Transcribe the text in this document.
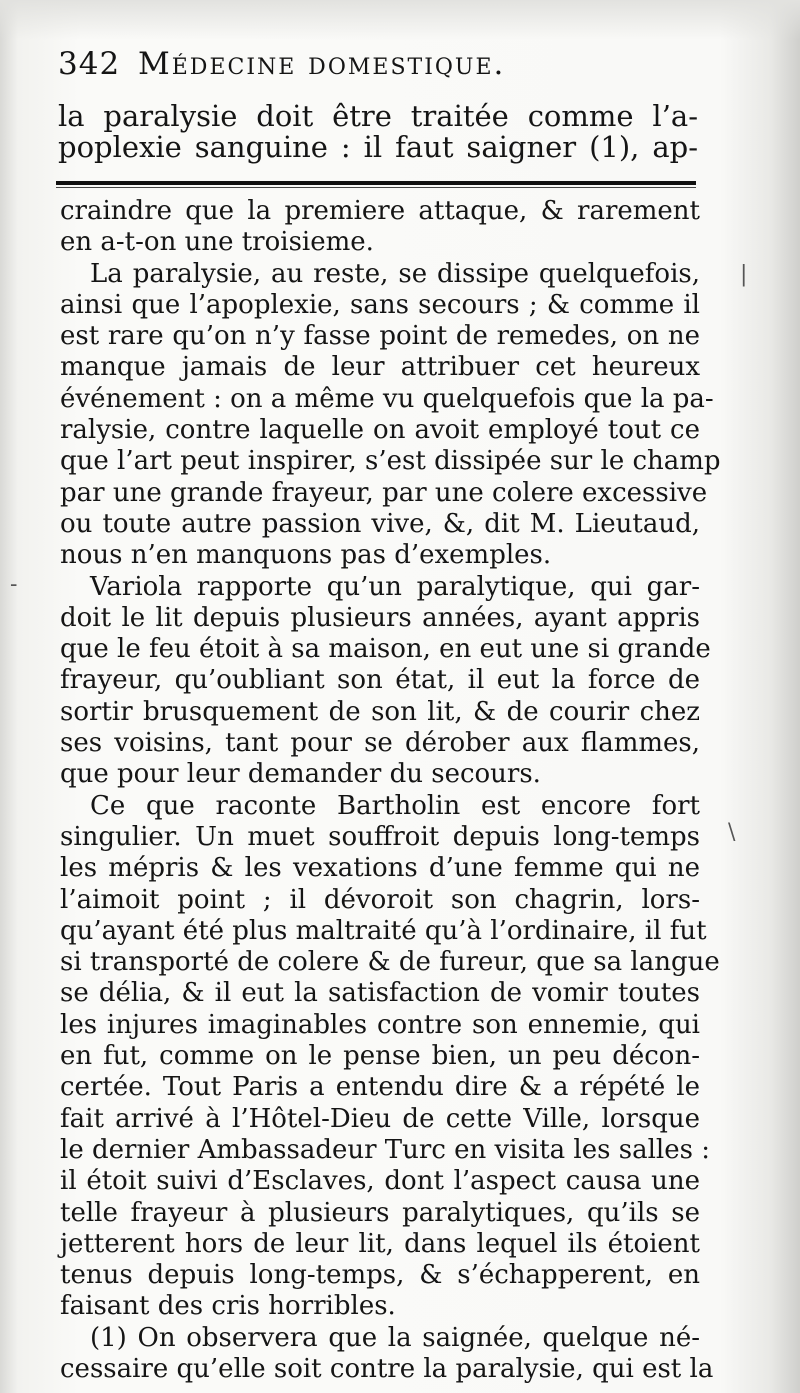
342 Médecine domestique.
la paralysie doit être traitée comme l’a-
poplexie sanguine : il faut saigner (1), ap-
craindre que la premiere attaque, & rarement
en a-t-on une troisieme.
La paralysie, au reste, se dissipe quelquefois,
ainsi que l’apoplexie, sans secours ; & comme il
est rare qu’on n’y fasse point de remedes, on ne
manque jamais de leur attribuer cet heureux
événement : on a même vu quelquefois que la pa-
ralysie, contre laquelle on avoit employé tout ce
que l’art peut inspirer, s’est dissipée sur le champ
par une grande frayeur, par une colere excessive
ou toute autre passion vive, &, dit M. Lieutaud,
nous n’en manquons pas d’exemples.
Variola rapporte qu’un paralytique, qui gar-
doit le lit depuis plusieurs années, ayant appris
que le feu étoit à sa maison, en eut une si grande
frayeur, qu’oubliant son état, il eut la force de
sortir brusquement de son lit, & de courir chez
ses voisins, tant pour se dérober aux flammes,
que pour leur demander du secours.
Ce que raconte Bartholin est encore fort
singulier. Un muet souffroit depuis long-temps
les mépris & les vexations d’une femme qui ne
l’aimoit point ; il dévoroit son chagrin, lors-
qu’ayant été plus maltraité qu’à l’ordinaire, il fut
si transporté de colere & de fureur, que sa langue
se délia, & il eut la satisfaction de vomir toutes
les injures imaginables contre son ennemie, qui
en fut, comme on le pense bien, un peu décon-
certée. Tout Paris a entendu dire & a répété le
fait arrivé à l’Hôtel-Dieu de cette Ville, lorsque
le dernier Ambassadeur Turc en visita les salles :
il étoit suivi d’Esclaves, dont l’aspect causa une
telle frayeur à plusieurs paralytiques, qu’ils se
jetterent hors de leur lit, dans lequel ils étoient
tenus depuis long-temps, & s’échapperent, en
faisant des cris horribles.
(1) On observera que la saignée, quelque né-
cessaire qu’elle soit contre la paralysie, qui est la
-
|
\
